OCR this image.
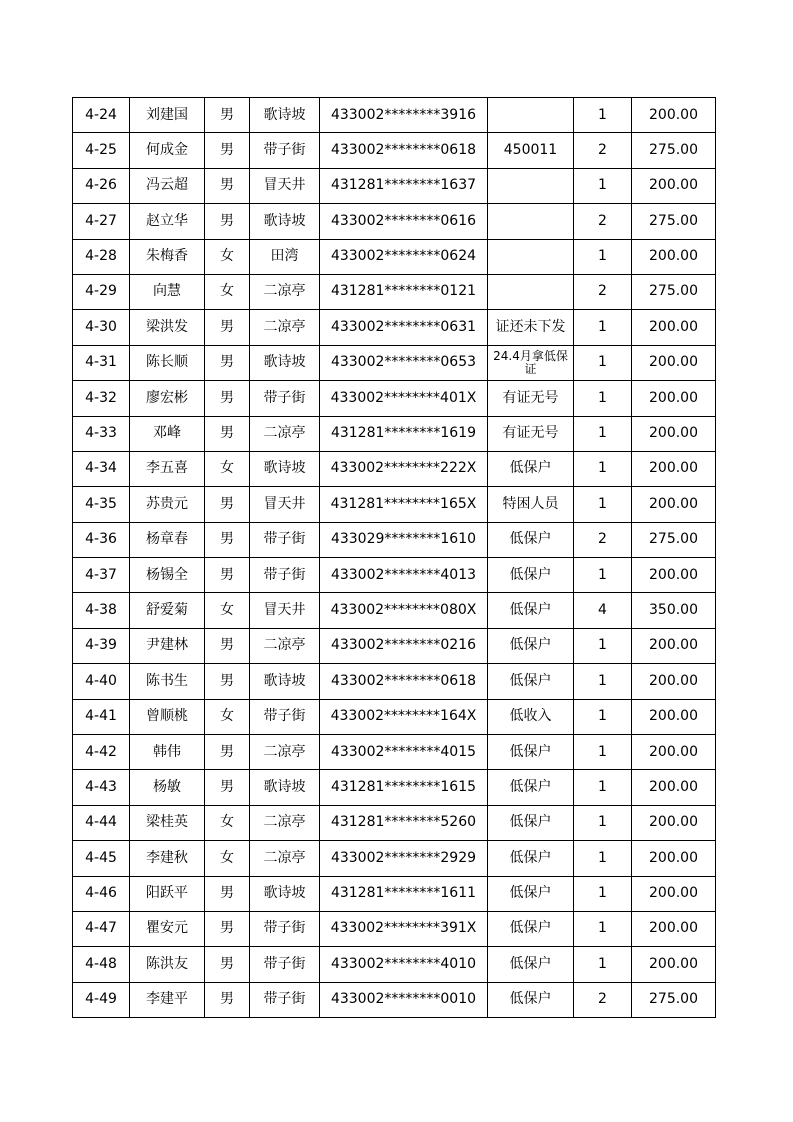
4-24	刘建国	男	歌诗坡	433002********3916		1	200.00
4-25	何成金	男	带子街	433002********0618	450011	2	275.00
4-26	冯云超	男	冒天井	431281********1637		1	200.00
4-27	赵立华	男	歌诗坡	433002********0616		2	275.00
4-28	朱梅香	女	田湾	433002********0624		1	200.00
4-29	向慧	女	二凉亭	431281********0121		2	275.00
4-30	梁洪发	男	二凉亭	433002********0631	证还未下发	1	200.00
4-31	陈长顺	男	歌诗坡	433002********0653	24.4月拿低保证	1	200.00
4-32	廖宏彬	男	带子街	433002********401X	有证无号	1	200.00
4-33	邓峰	男	二凉亭	431281********1619	有证无号	1	200.00
4-34	李五喜	女	歌诗坡	433002********222X	低保户	1	200.00
4-35	苏贵元	男	冒天井	431281********165X	特困人员	1	200.00
4-36	杨章春	男	带子街	433029********1610	低保户	2	275.00
4-37	杨锡全	男	带子街	433002********4013	低保户	1	200.00
4-38	舒爱菊	女	冒天井	433002********080X	低保户	4	350.00
4-39	尹建林	男	二凉亭	433002********0216	低保户	1	200.00
4-40	陈书生	男	歌诗坡	433002********0618	低保户	1	200.00
4-41	曾顺桃	女	带子街	433002********164X	低收入	1	200.00
4-42	韩伟	男	二凉亭	433002********4015	低保户	1	200.00
4-43	杨敏	男	歌诗坡	431281********1615	低保户	1	200.00
4-44	梁桂英	女	二凉亭	431281********5260	低保户	1	200.00
4-45	李建秋	女	二凉亭	433002********2929	低保户	1	200.00
4-46	阳跃平	男	歌诗坡	431281********1611	低保户	1	200.00
4-47	瞿安元	男	带子街	433002********391X	低保户	1	200.00
4-48	陈洪友	男	带子街	433002********4010	低保户	1	200.00
4-49	李建平	男	带子街	433002********0010	低保户	2	275.00
